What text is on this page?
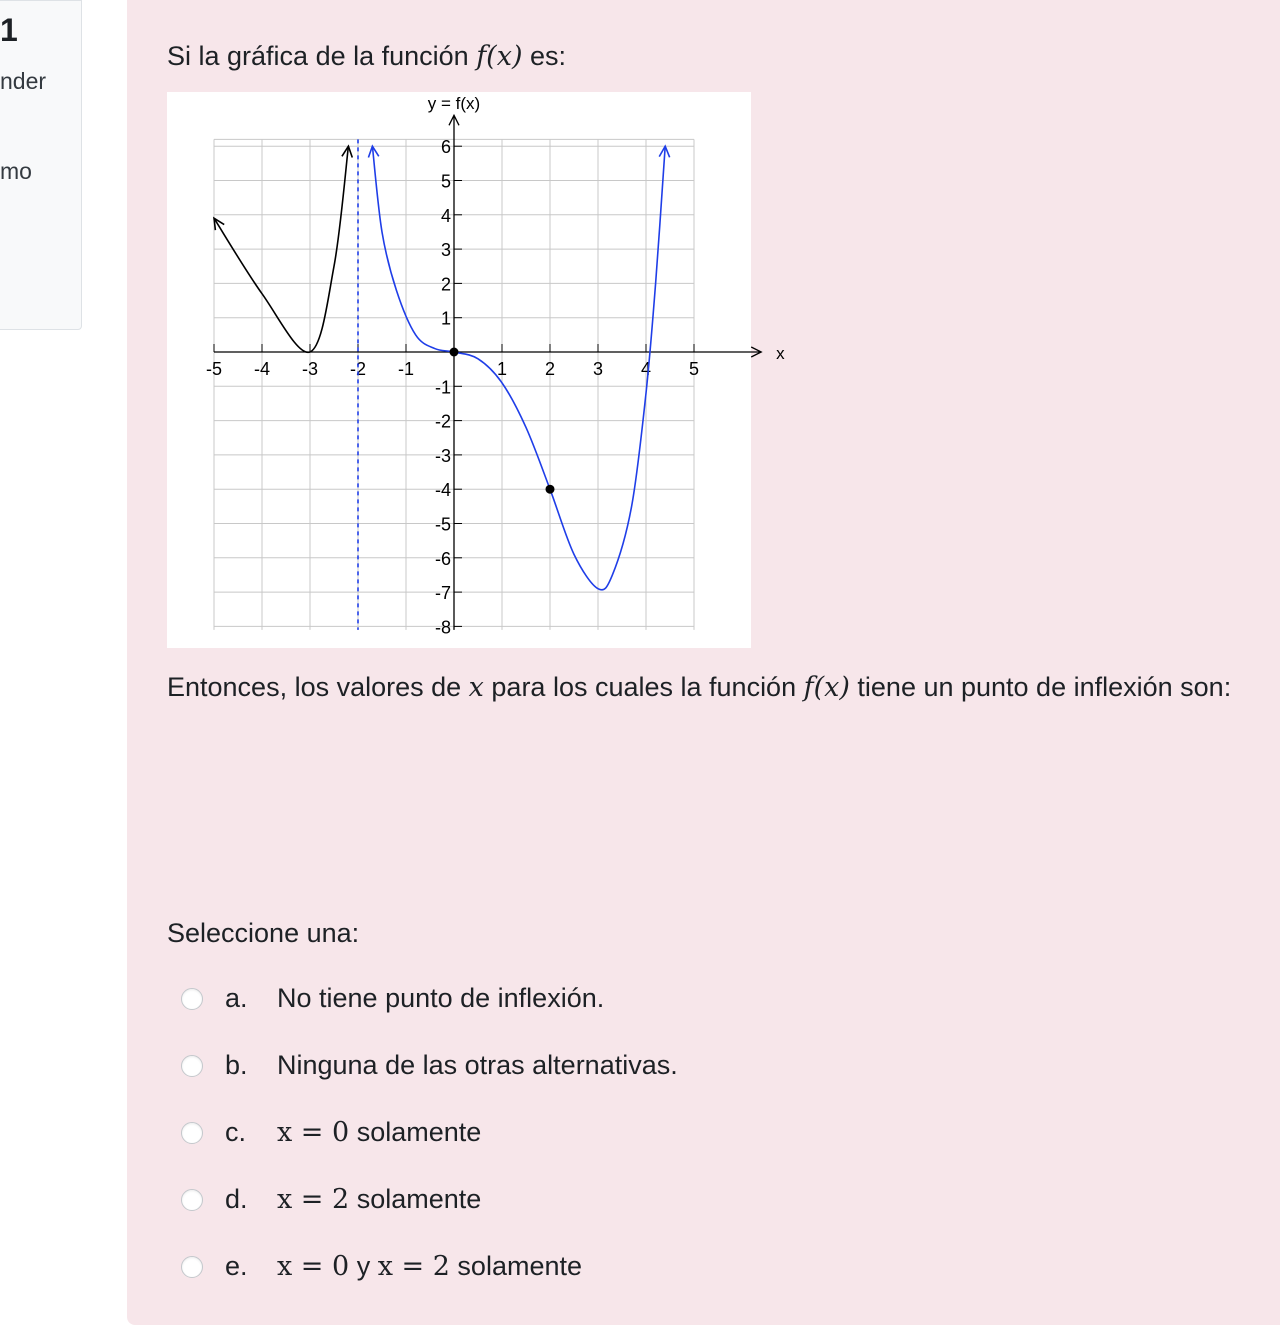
1
nder
mo
Si la gráfica de la función f(x) es:
-5 -4 -3 -2 -1	1 2 3 4 5
6
5
4
3
2
1
-1
-2
-3
-4
-5
-6
-7
-8
x
y = f(x)
Entonces, los valores de x para los cuales la función f(x) tiene un punto de inflexión son:
Seleccione una:
a.	No tiene punto de inflexión.
b.	Ninguna de las otras alternativas.
c.	x = 0 solamente
d.	x = 2 solamente
e.	x = 0 y x = 2 solamente
